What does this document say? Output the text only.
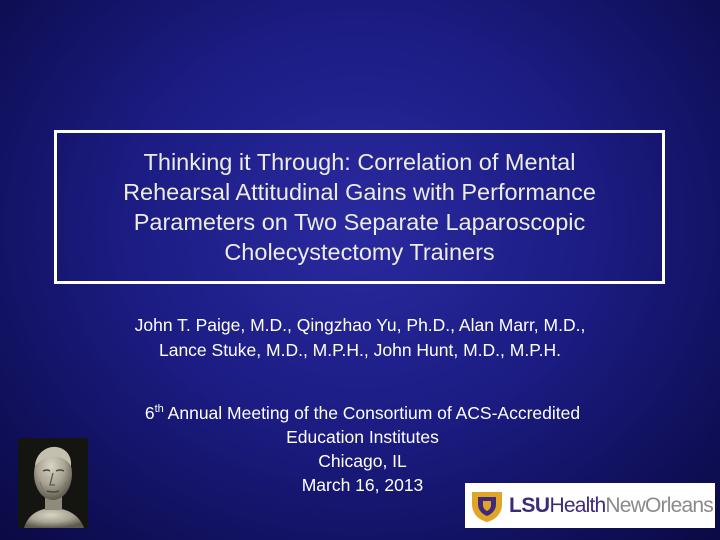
Thinking it Through: Correlation of Mental
Rehearsal Attitudinal Gains with Performance
Parameters on Two Separate Laparoscopic
Cholecystectomy Trainers
John T. Paige, M.D., Qingzhao Yu, Ph.D., Alan Marr, M.D.,
Lance Stuke, M.D., M.P.H., John Hunt, M.D., M.P.H.
6th Annual Meeting of the Consortium of ACS-Accredited
Education Institutes
Chicago, IL
March 16, 2013
LSU Health NewOrleans
